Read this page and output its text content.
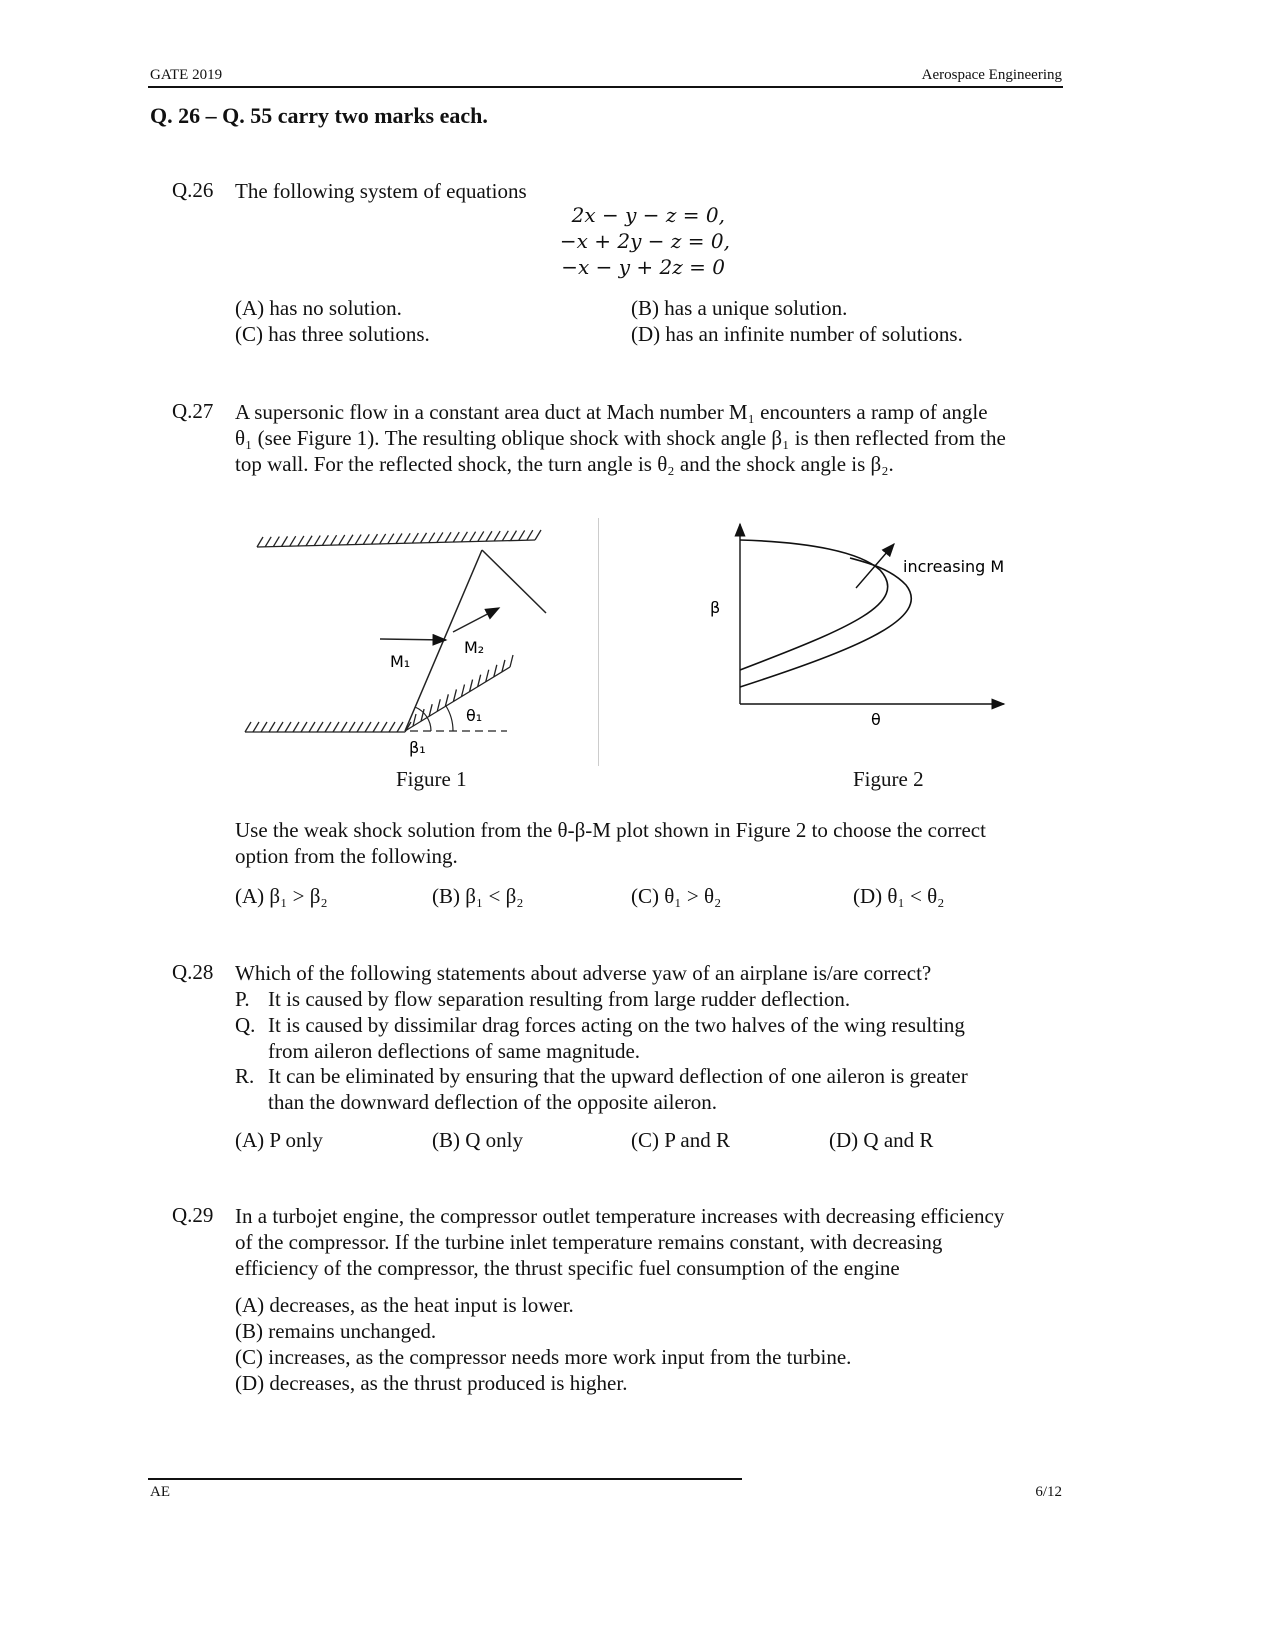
GATE 2019	Aerospace Engineering
Q. 26 – Q. 55 carry two marks each.
Q.26 The following system of equations
2x − y − z = 0,
−x + 2y − z = 0,
−x − y + 2z = 0
(A) has no solution.	(B) has a unique solution.
(C) has three solutions.	(D) has an infinite number of solutions.
Q.27 A supersonic flow in a constant area duct at Mach number M₁ encounters a ramp of angle
θ₁ (see Figure 1). The resulting oblique shock with shock angle β₁ is then reflected from the
top wall. For the reflected shock, the turn angle is θ₂ and the shock angle is β₂.
M₁
M₂
θ₁
β₁
increasing M
β
θ
Figure 1	Figure 2
Use the weak shock solution from the θ-β-M plot shown in Figure 2 to choose the correct
option from the following.
(A) β₁ > β₂	(B) β₁ < β₂	(C) θ₁ > θ₂	(D) θ₁ < θ₂
Q.28 Which of the following statements about adverse yaw of an airplane is/are correct?
P. It is caused by flow separation resulting from large rudder deflection.
Q. It is caused by dissimilar drag forces acting on the two halves of the wing resulting
from aileron deflections of same magnitude.
R. It can be eliminated by ensuring that the upward deflection of one aileron is greater
than the downward deflection of the opposite aileron.
(A) P only	(B) Q only	(C) P and R	(D) Q and R
Q.29 In a turbojet engine, the compressor outlet temperature increases with decreasing efficiency
of the compressor. If the turbine inlet temperature remains constant, with decreasing
efficiency of the compressor, the thrust specific fuel consumption of the engine
(A) decreases, as the heat input is lower.
(B) remains unchanged.
(C) increases, as the compressor needs more work input from the turbine.
(D) decreases, as the thrust produced is higher.
AE	6/12
